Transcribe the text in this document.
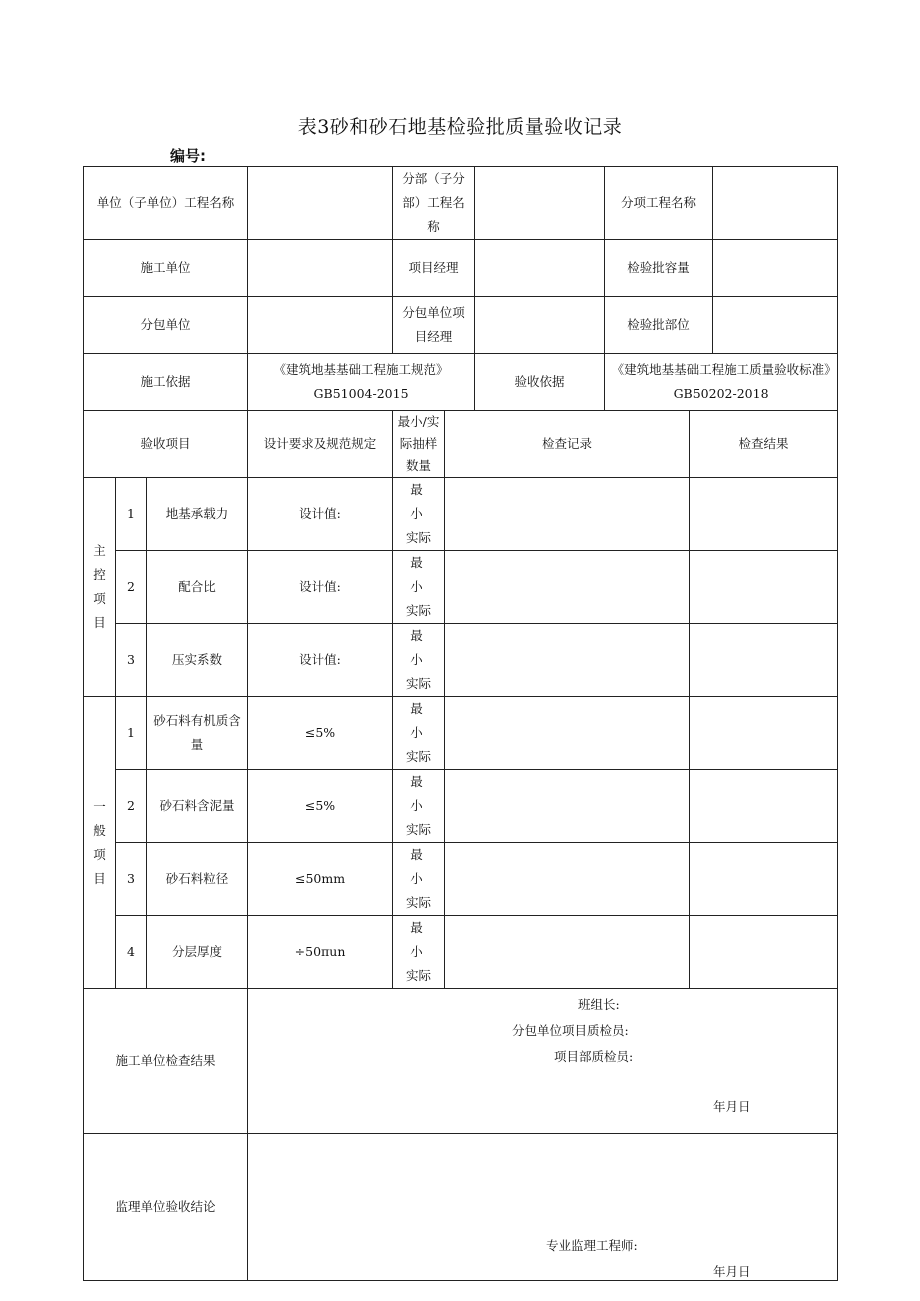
表3砂和砂石地基检验批质量验收记录
编号:
单位（子单位）工程名称				分部（子分部）工程名称			分项工程名称		
施工单位				项目经理			检验批容量		
分包单位				分包单位项目经理			检验批部位		
施工依据			《建筑地基基础工程施工规范》GB51004-2015			验收依据	《建筑地基基础工程施工质量验收标准》GB50202-2018		
验收项目			设计要求及规范规定	最小/实际抽样数量	检查记录			检查结果	
主控项目	1	地基承载力	设计值:	最小
实际					

	2	配合比	设计值:	最小
实际					

	3	压实系数	设计值:	最小
实际					

一般项目	1	砂石料有机质含量	≤5%	最小
实际					

	2	砂石料含泥量	≤5%	最小
实际					

	3	砂石料粒径	≤50mm	最小
实际					

	4	分层厚度	÷50πun	最小
实际					

施工单位检查结果			班组长:
分包单位项目质检员:
项目部质检员:
年月日						

监理单位验收结论			专业监理工程师:
年月日						
